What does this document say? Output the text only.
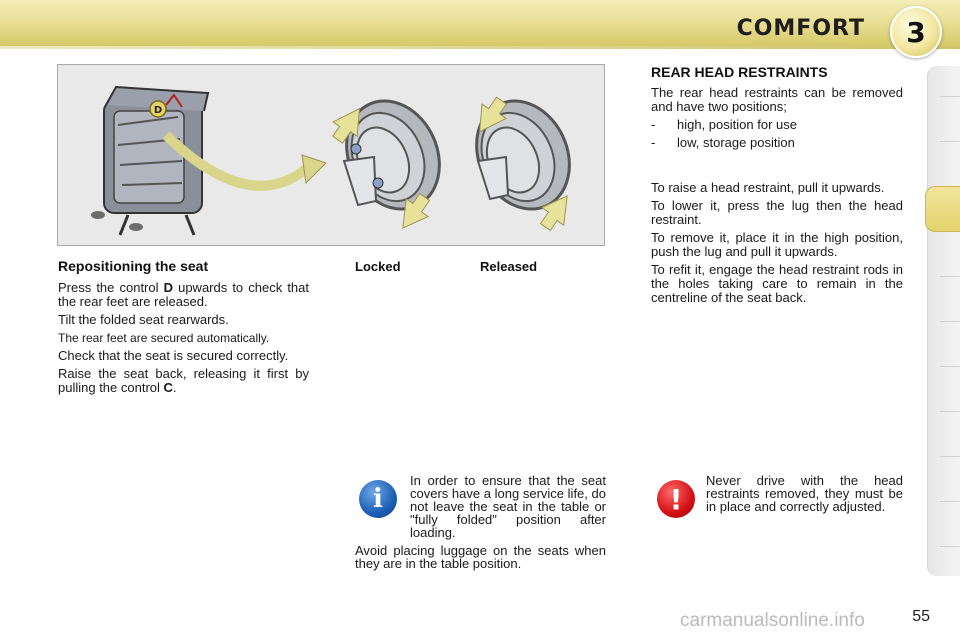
COMFORT	3
D
Repositioning the seat

Press the control D upwards to check that the rear feet are released.

Tilt the folded seat rearwards.

The rear feet are secured automatically.

Check that the seat is secured correctly.

Raise the seat back, releasing it first by pulling the control C.

Locked	Released
REAR HEAD RESTRAINTS

The rear head restraints can be removed and have two positions;

-	high, position for use
-	low, storage position

To raise a head restraint, pull it upwards.

To lower it, press the lug then the head restraint.

To remove it, place it in the high position, push the lug and pull it upwards.

To refit it, engage the head restraint rods in the holes taking care to remain in the centreline of the seat back.

i

In order to ensure that the seat covers have a long service life, do not leave the seat in the table or "fully folded" position after loading.

Avoid placing luggage on the seats when they are in the table position.

!
Never drive with the head restraints removed, they must be in place and correctly adjusted.
carmanualsonline.info	55
